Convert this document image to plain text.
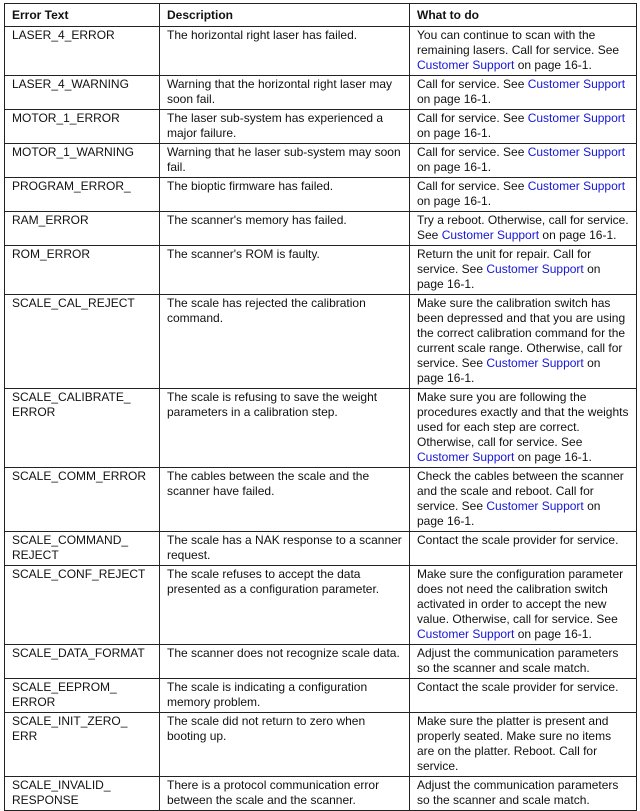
Error Text	Description	What to do
LASER_4_ERROR	The horizontal right laser has failed.	You can continue to scan with the remaining lasers. Call for service. See Customer Support on page 16-1.
LASER_4_WARNING	Warning that the horizontal right laser may soon fail.	Call for service. See Customer Support on page 16-1.
MOTOR_1_ERROR	The laser sub-system has experienced a major failure.	Call for service. See Customer Support on page 16-1.
MOTOR_1_WARNING	Warning that he laser sub-system may soon fail.	Call for service. See Customer Support on page 16-1.
PROGRAM_ERROR_	The bioptic firmware has failed.	Call for service. See Customer Support on page 16-1.
RAM_ERROR	The scanner's memory has failed.	Try a reboot. Otherwise, call for service. See Customer Support on page 16-1.
ROM_ERROR	The scanner's ROM is faulty.	Return the unit for repair. Call for service. See Customer Support on page 16-1.
SCALE_CAL_REJECT	The scale has rejected the calibration command.	Make sure the calibration switch has been depressed and that you are using the correct calibration command for the current scale range. Otherwise, call for service. See Customer Support on page 16-1.
SCALE_CALIBRATE_ ERROR	The scale is refusing to save the weight parameters in a calibration step.	Make sure you are following the procedures exactly and that the weights used for each step are correct. Otherwise, call for service. See Customer Support on page 16-1.
SCALE_COMM_ERROR	The cables between the scale and the scanner have failed.	Check the cables between the scanner and the scale and reboot. Call for service. See Customer Support on page 16-1.
SCALE_COMMAND_ REJECT	The scale has a NAK response to a scanner request.	Contact the scale provider for service.
SCALE_CONF_REJECT	The scale refuses to accept the data presented as a configuration parameter.	Make sure the configuration parameter does not need the calibration switch activated in order to accept the new value. Otherwise, call for service. See Customer Support on page 16-1.
SCALE_DATA_FORMAT	The scanner does not recognize scale data.	Adjust the communication parameters so the scanner and scale match.
SCALE_EEPROM_ ERROR	The scale is indicating a configuration memory problem.	Contact the scale provider for service.
SCALE_INIT_ZERO_ ERR	The scale did not return to zero when booting up.	Make sure the platter is present and properly seated. Make sure no items are on the platter. Reboot. Call for service.
SCALE_INVALID_ RESPONSE	There is a protocol communication error between the scale and the scanner.	Adjust the communication parameters so the scanner and scale match.
